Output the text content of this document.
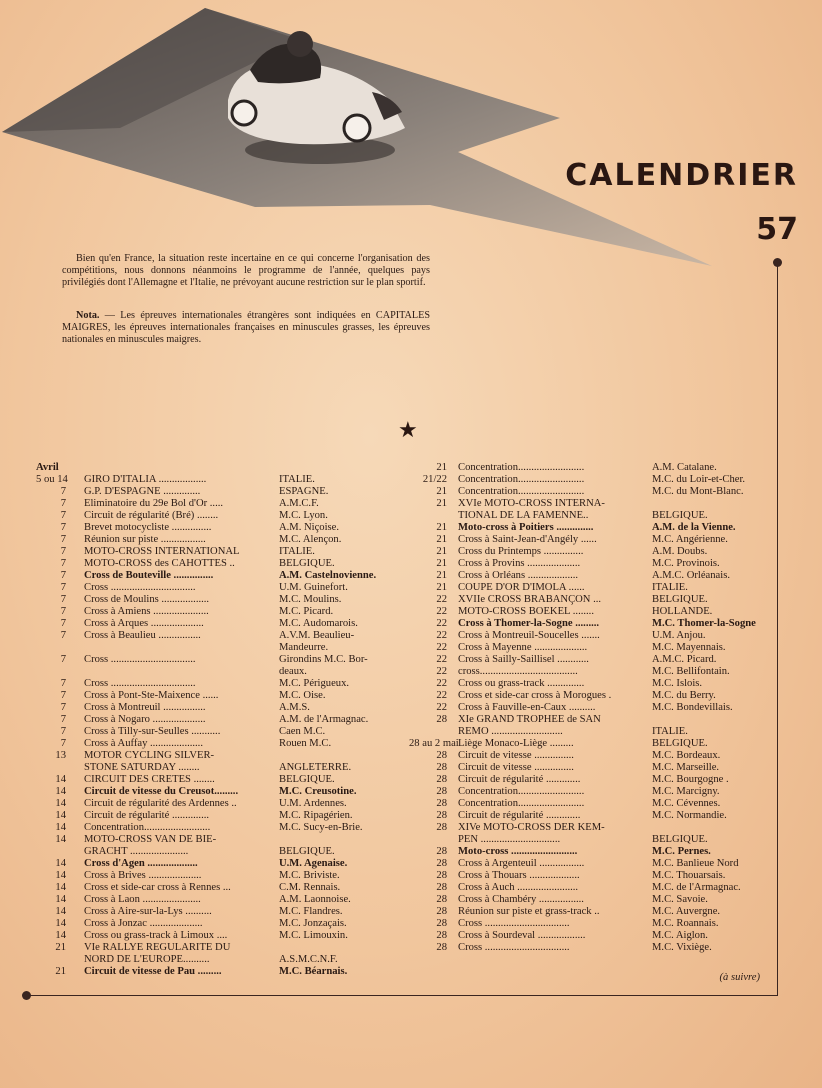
CALENDRIER
57

Bien qu'en France, la situation reste incertaine en ce qui concerne l'organisation des compétitions, nous donnons néanmoins le programme de l'année, quelques pays privilégiés dont l'Allemagne et l'Italie, ne prévoyant aucune restriction sur le plan sportif.

Nota. — Les épreuves internationales étrangères sont indiquées en CAPITALES MAIGRES, les épreuves internationales françaises en minuscules grasses, les épreuves nationales en minuscules maigres.

★
Avril
5 ou 14 GIRO D'ITALIA ..................	ITALIE.
7 G.P. D'ESPAGNE ..............	ESPAGNE.
7 Eliminatoire du 29e Bol d'Or .....	A.M.C.F.
7 Circuit de régularité (Bré) ........	M.C. Lyon.
7 Brevet motocycliste ...............	A.M. Niçoise.
7 Réunion sur piste .................	M.C. Alençon.
7 MOTO-CROSS INTERNATIONAL	ITALIE.
7 MOTO-CROSS des CAHOTTES ..	BELGIQUE.
7 Cross de Bouteville ...............	A.M. Castelnovienne.
7 Cross ................................	U.M. Guinefort.
7 Cross de Moulins ..................	M.C. Moulins.
7 Cross à Amiens .....................	M.C. Picard.
7 Cross à Arques ....................	M.C. Audomarois.
7 Cross à Beaulieu ................	A.V.M. Beaulieu-
Mandeurre.
7 Cross ................................	Girondins M.C. Bor-
deaux.
7 Cross ................................	M.C. Périgueux.
7 Cross à Pont-Ste-Maixence ......	M.C. Oise.
7 Cross à Montreuil ................	A.M.S.
7 Cross à Nogaro ....................	A.M. de l'Armagnac.
7 Cross à Tilly-sur-Seulles ...........	Caen M.C.
7 Cross à Auffay ....................	Rouen M.C.
13 MOTOR CYCLING SILVER-
STONE SATURDAY ........	ANGLETERRE.
14 CIRCUIT DES CRETES ........	BELGIQUE.
14 Circuit de vitesse du Creusot.........	M.C. Creusotine.
14 Circuit de régularité des Ardennes ..	U.M. Ardennes.
14 Circuit de régularité ..............	M.C. Ripagérien.
14 Concentration.........................	M.C. Sucy-en-Brie.
14 MOTO-CROSS VAN DE BIE-
GRACHT ......................	BELGIQUE.
14 Cross d'Agen ...................	U.M. Agenaise.
14 Cross à Brives ....................	M.C. Briviste.
14 Cross et side-car cross à Rennes ...	C.M. Rennais.
14 Cross à Laon ......................	A.M. Laonnoise.
14 Cross à Aire-sur-la-Lys ..........	M.C. Flandres.
14 Cross à Jonzac ....................	M.C. Jonzaçais.
14 Cross ou grass-track à Limoux ....	M.C. Limouxin.
21 VIe RALLYE REGULARITE DU
NORD DE L'EUROPE..........	A.S.M.C.N.F.
21 Circuit de vitesse de Pau .........	M.C. Béarnais.
21 Concentration.........................	A.M. Catalane.
21/22 Concentration.........................	M.C. du Loir-et-Cher.
21 Concentration.........................	M.C. du Mont-Blanc.
21 XVIe MOTO-CROSS INTERNA-
TIONAL DE LA FAMENNE..	BELGIQUE.
21 Moto-cross à Poitiers ..............	A.M. de la Vienne.
21 Cross à Saint-Jean-d'Angély ......	M.C. Angérienne.
21 Cross du Printemps ...............	A.M. Doubs.
21 Cross à Provins ....................	M.C. Provinois.
21 Cross à Orléans ...................	A.M.C. Orléanais.
21 COUPE D'OR D'IMOLA ......	ITALIE.
22 XVIIe CROSS BRABANÇON ...	BELGIQUE.
22 MOTO-CROSS BOEKEL ........	HOLLANDE.
22 Cross à Thomer-la-Sogne .........	M.C. Thomer-la-Sogne
22 Cross à Montreuil-Soucelles .......	U.M. Anjou.
22 Cross à Mayenne ....................	M.C. Mayennais.
22 Cross à Sailly-Saillisel ............	A.M.C. Picard.
22 cross.....................................	M.C. Bellifontain.
22 Cross ou grass-track ..............	M.C. Islois.
22 Cross et side-car cross à Morogues .	M.C. du Berry.
22 Cross à Fauville-en-Caux ..........	M.C. Bondevillais.
28 XIe GRAND TROPHEE de SAN
REMO ...........................	ITALIE.
28 au 2 mai Liège Monaco-Liège .........	BELGIQUE.
28 Circuit de vitesse ...............	M.C. Bordeaux.
28 Circuit de vitesse ...............	M.C. Marseille.
28 Circuit de régularité .............	M.C. Bourgogne .
28 Concentration.........................	M.C. Marcigny.
28 Concentration.........................	M.C. Cévennes.
28 Circuit de régularité .............	M.C. Normandie.
28 XIVe MOTO-CROSS DER KEM-
PEN ..............................	BELGIQUE.
28 Moto-cross .........................	M.C. Pernes.
28 Cross à Argenteuil .................	M.C. Banlieue Nord
28 Cross à Thouars ...................	M.C. Thouarsais.
28 Cross à Auch .......................	M.C. de l'Armagnac.
28 Cross à Chambéry .................	M.C. Savoie.
28 Réunion sur piste et grass-track ..	M.C. Auvergne.
28 Cross ................................	M.C. Roannais.
28 Cross à Sourdeval ..................	M.C. Aiglon.
28 Cross ................................	M.C. Vixiège.
(à suivre)
